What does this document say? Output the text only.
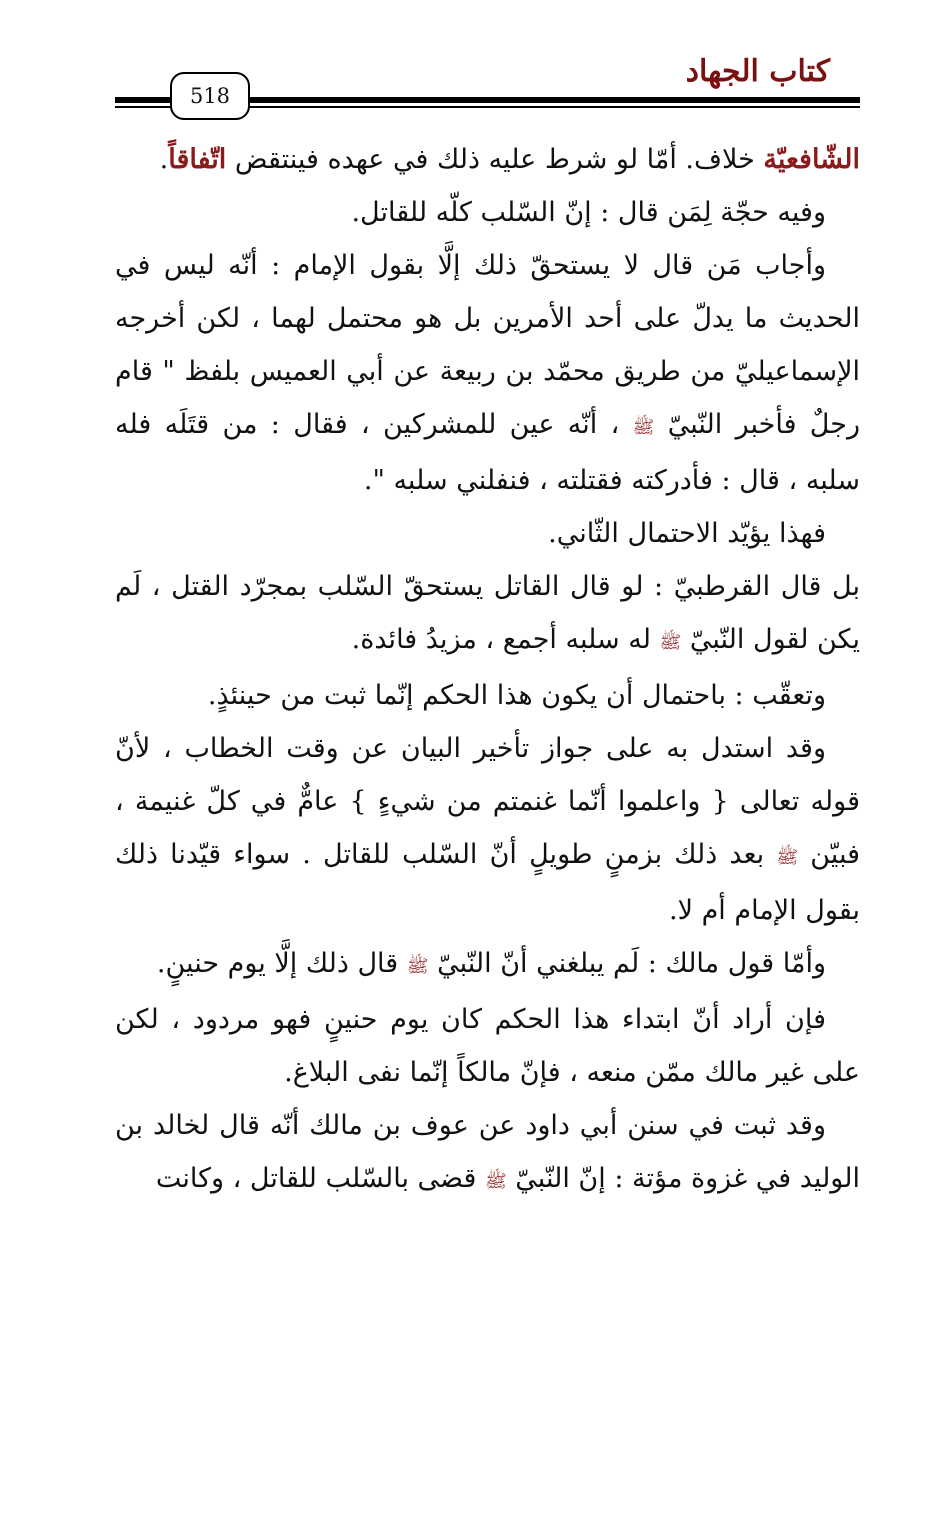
كتاب الجهاد
518

الشّافعيّة خلاف. أمّا لو شرط عليه ذلك في عهده فينتقض اتّفاقاً.

وفيه حجّة لِمَن قال : إنّ السّلب كلّه للقاتل.

وأجاب مَن قال لا يستحقّ ذلك إلَّا بقول الإمام : أنّه ليس في الحديث ما يدلّ على أحد الأمرين بل هو محتمل لهما ، لكن أخرجه الإسماعيليّ من طريق محمّد بن ربيعة عن أبي العميس بلفظ " قام رجلٌ فأخبر النّبيّ ﷺ ، أنّه عين للمشركين ، فقال : من قتَلَه فله سلبه ، قال : فأدركته فقتلته ، فنفلني سلبه ".

فهذا يؤيّد الاحتمال الثّاني.

بل قال القرطبيّ : لو قال القاتل يستحقّ السّلب بمجرّد القتل ، لَم يكن لقول النّبيّ ﷺ له سلبه أجمع ، مزيدُ فائدة.

وتعقّب : باحتمال أن يكون هذا الحكم إنّما ثبت من حينئذٍ.

وقد استدل به على جواز تأخير البيان عن وقت الخطاب ، لأنّ قوله تعالى { واعلموا أنّما غنمتم من شيءٍ } عامٌّ في كلّ غنيمة ، فبيّن ﷺ بعد ذلك بزمنٍ طويلٍ أنّ السّلب للقاتل . سواء قيّدنا ذلك بقول الإمام أم لا.

وأمّا قول مالك : لَم يبلغني أنّ النّبيّ ﷺ قال ذلك إلَّا يوم حنينٍ.

فإن أراد أنّ ابتداء هذا الحكم كان يوم حنينٍ فهو مردود ، لكن على غير مالك ممّن منعه ، فإنّ مالكاً إنّما نفى البلاغ.

وقد ثبت في سنن أبي داود عن عوف بن مالك أنّه قال لخالد بن الوليد في غزوة مؤتة : إنّ النّبيّ ﷺ قضى بالسّلب للقاتل ، وكانت
